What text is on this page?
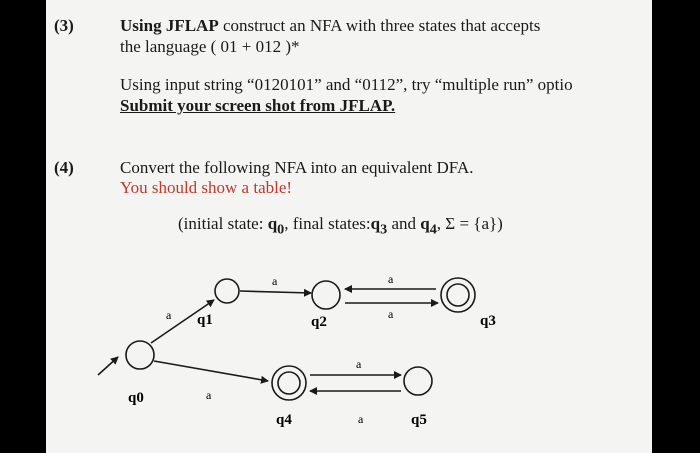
(3)	Using JFLAP construct an NFA with three states that accepts
the language ( 01 + 012 )*
Using input string “0120101” and “0112”, try “multiple run” optio
Submit your screen shot from JFLAP.
(4)	Convert the following NFA into an equivalent DFA.
You should show a table!
(initial state: $q_0$, final $states:q_3$ and $q_4$, Σ = {a})
q0
q1	q2	q3
q4	q5
a
a	a
a
a
a
a
